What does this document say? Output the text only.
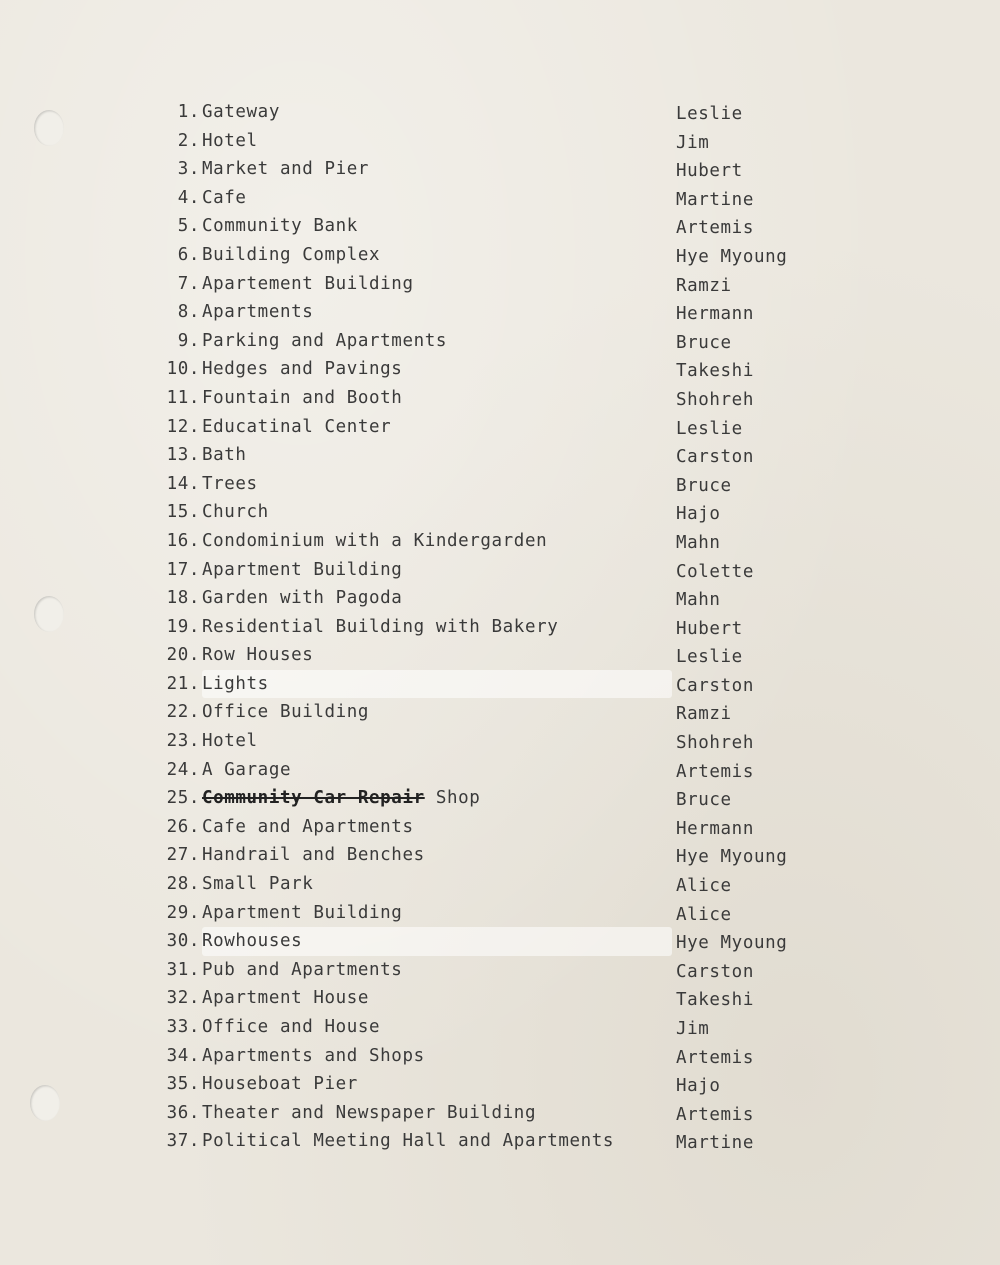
1. Gateway	Leslie
2. Hotel	Jim
3. Market and Pier	Hubert
4. Cafe	Martine
5. Community Bank	Artemis
6. Building Complex	Hye Myoung
7. Apartement Building	Ramzi
8. Apartments	Hermann
9. Parking and Apartments	Bruce
10. Hedges and Pavings	Takeshi
11. Fountain and Booth	Shohreh
12. Educatinal Center	Leslie
13. Bath	Carston
14. Trees	Bruce
15. Church	Hajo
16. Condominium with a Kindergarden	Mahn
17. Apartment Building	Colette
18. Garden with Pagoda	Mahn
19. Residential Building with Bakery	Hubert
20. Row Houses	Leslie
21. Lights	Carston
22. Office Building	Ramzi
23. Hotel	Shohreh
24. A Garage	Artemis
25. Community Car Repair Shop	Bruce
26. Cafe and Apartments	Hermann
27. Handrail and Benches	Hye Myoung
28. Small Park	Alice
29. Apartment Building	Alice
30. Rowhouses	Hye Myoung
31. Pub and Apartments	Carston
32. Apartment House	Takeshi
33. Office and House	Jim
34. Apartments and Shops	Artemis
35. Houseboat Pier	Hajo
36. Theater and Newspaper Building	Artemis
37. Political Meeting Hall and Apartments	Martine
